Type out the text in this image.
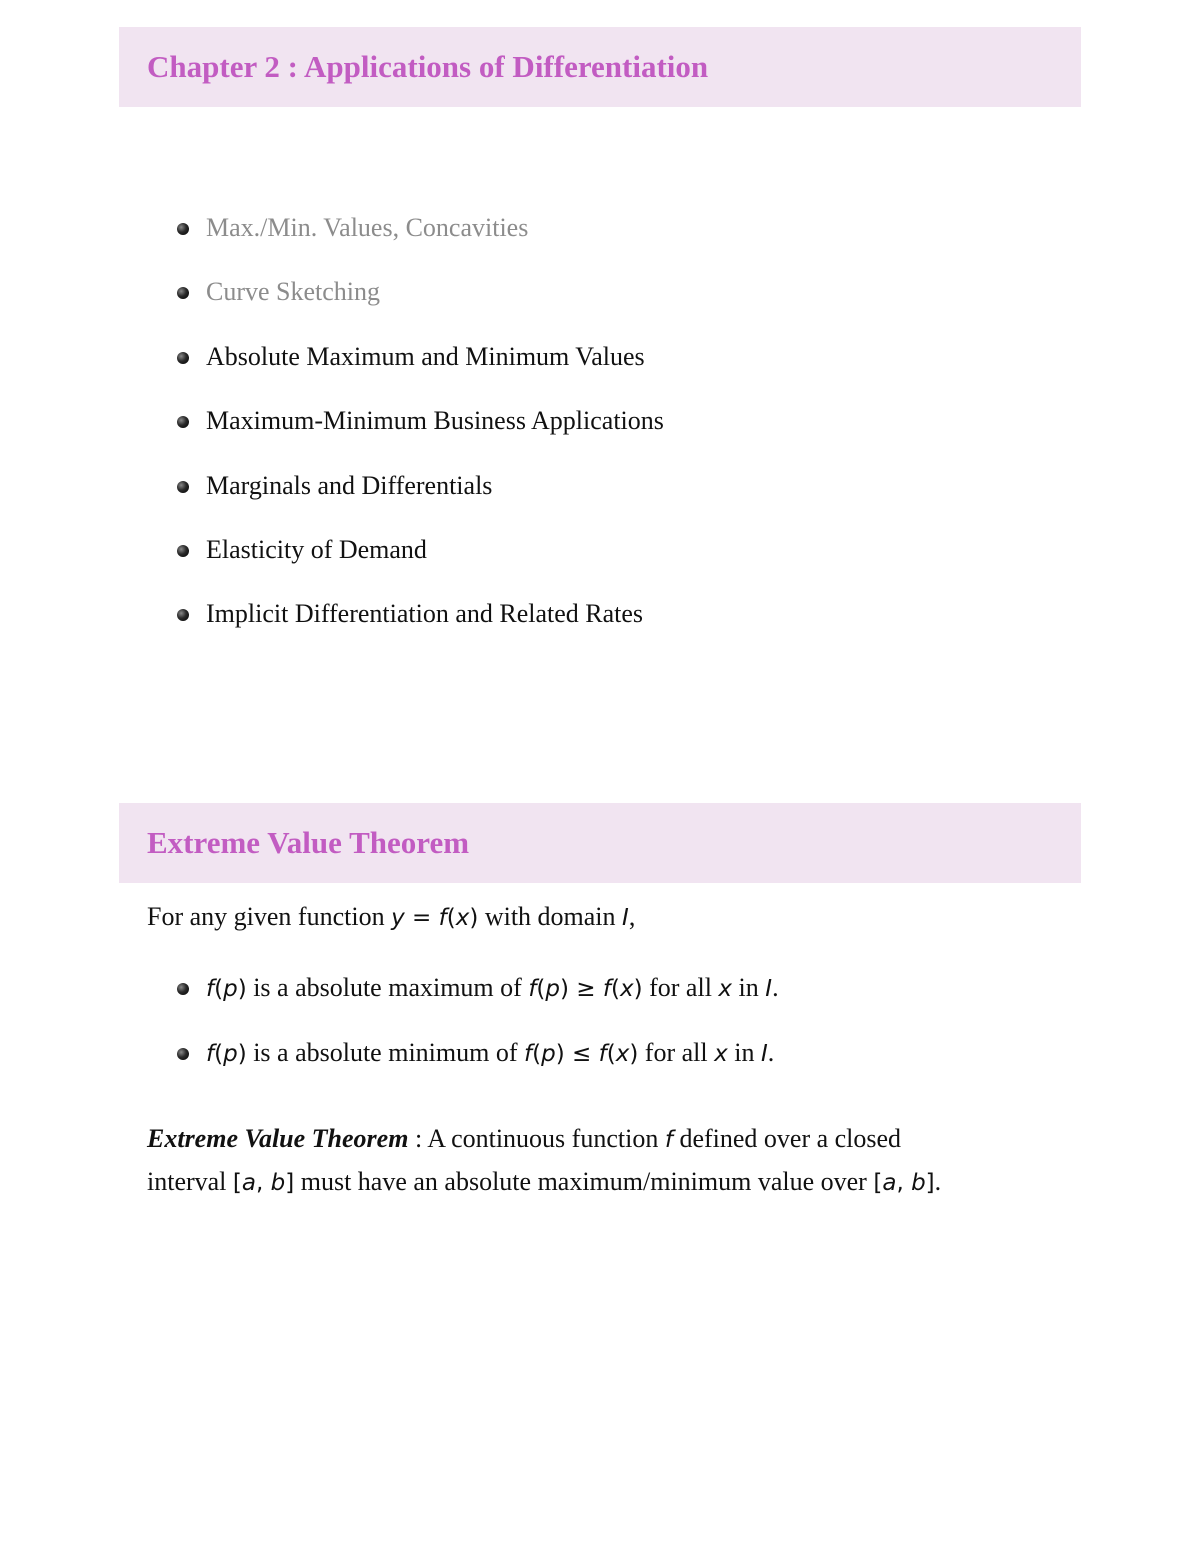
Chapter 2 : Applications of Differentiation
Max./Min. Values, Concavities
Curve Sketching
Absolute Maximum and Minimum Values
Maximum-Minimum Business Applications
Marginals and Differentials
Elasticity of Demand
Implicit Differentiation and Related Rates
Extreme Value Theorem
For any given function y = f(x) with domain I,
f(p) is a absolute maximum of f(p) ≥ f(x) for all x in I.
f(p) is a absolute minimum of f(p) ≤ f(x) for all x in I.
Extreme Value Theorem : A continuous function f defined over a closed
interval [a, b] must have an absolute maximum/minimum value over [a, b].
